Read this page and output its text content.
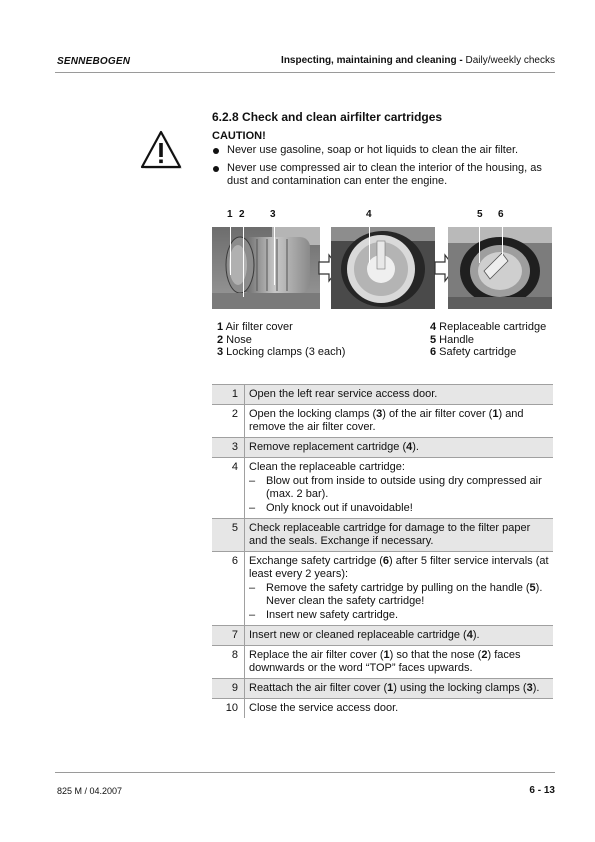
SENNEBOGEN	Inspecting, maintaining and cleaning - Daily/weekly checks
6.2.8 Check and clean airfilter cartridges
CAUTION!
Never use gasoline, soap or hot liquids to clean the air filter.
Never use compressed air to clean the interior of the housing, as dust and contamination can enter the engine.
1 2	3	4	5 6
1 Air filter cover
2 Nose
3 Locking clamps (3 each)
4 Replaceable cartridge
5 Handle
6 Safety cartridge
1	Open the left rear service access door.

2	Open the locking clamps (3) of the air filter cover (1) and remove the air filter cover.

3	Remove replacement cartridge (4).

4	Clean the replaceable cartridge:
– Blow out from inside to outside using dry compressed air (max. 2 bar).
– Only knock out if unavoidable!

5	Check replaceable cartridge for damage to the filter paper and the seals. Exchange if necessary.

6	Exchange safety cartridge (6) after 5 filter service intervals (at least every 2 years):
– Remove the safety cartridge by pulling on the handle (5). Never clean the safety cartridge!
– Insert new safety cartridge.

7	Insert new or cleaned replaceable cartridge (4).

8	Replace the air filter cover (1) so that the nose (2) faces downwards or the word “TOP” faces upwards.

9	Reattach the air filter cover (1) using the locking clamps (3).

10	Close the service access door.
825 M / 04.2007	6 - 13
